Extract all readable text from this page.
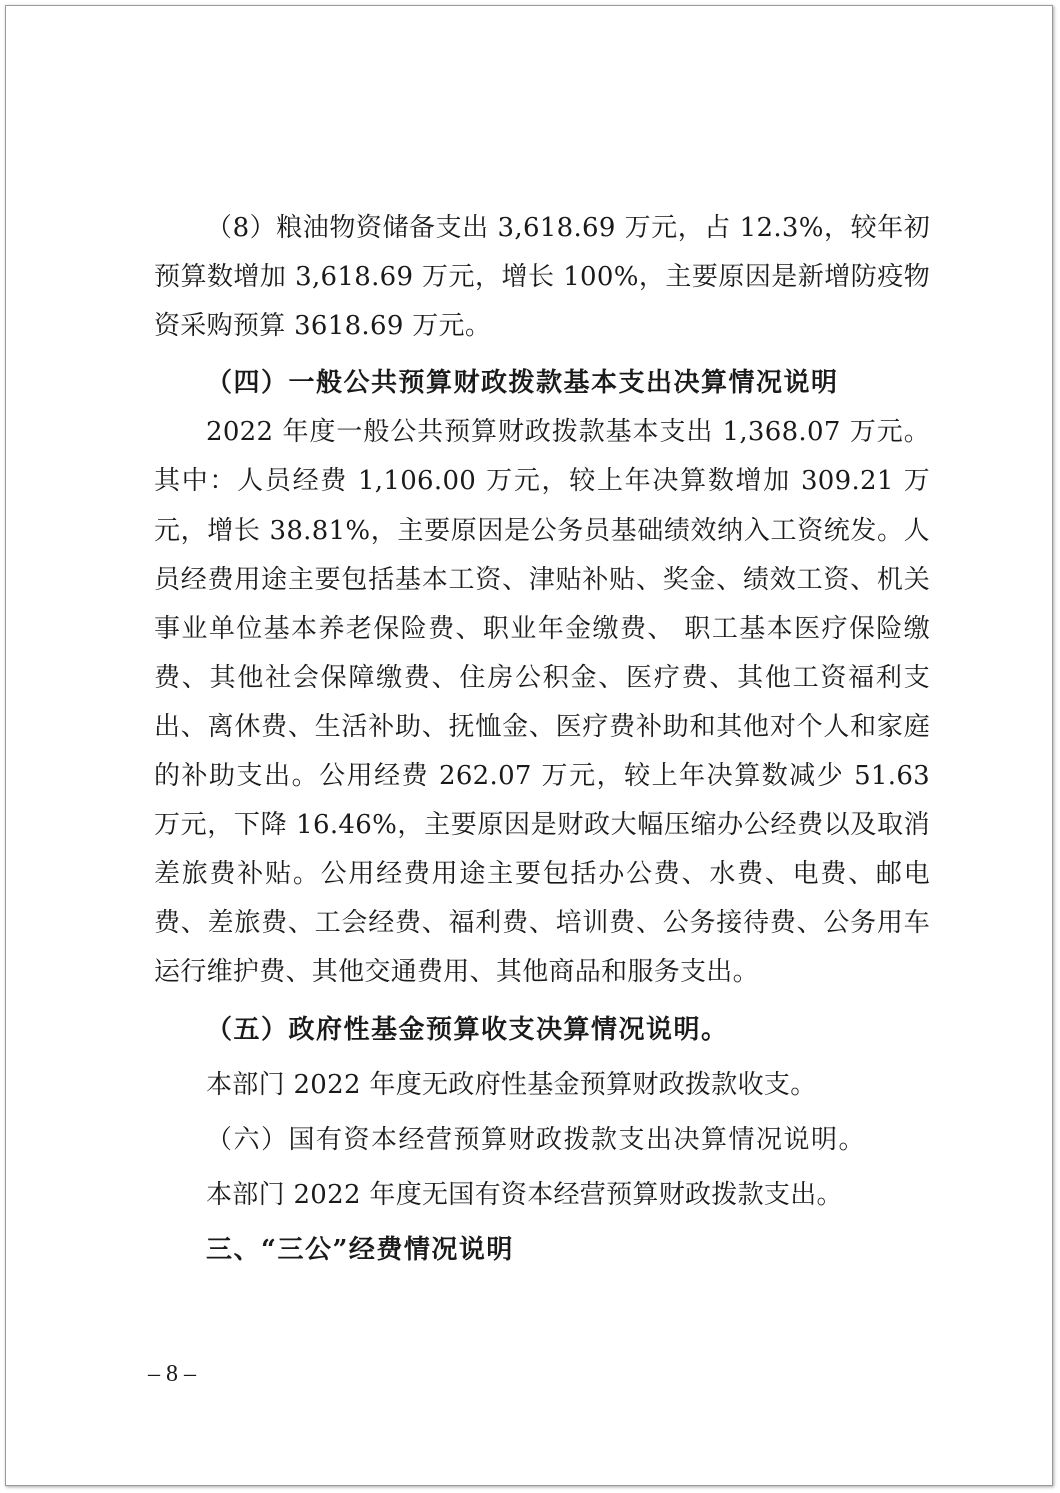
（8）粮油物资储备支出 3,618.69 万元，占 12.3%，较年初预算数增加 3,618.69 万元，增长 100%，主要原因是新增防疫物资采购预算 3618.69 万元。

（四）一般公共预算财政拨款基本支出决算情况说明

2022 年度一般公共预算财政拨款基本支出 1,368.07 万元。其中：人员经费 1,106.00 万元，较上年决算数增加 309.21 万元，增长 38.81%，主要原因是公务员基础绩效纳入工资统发。人员经费用途主要包括基本工资、津贴补贴、奖金、绩效工资、机关事业单位基本养老保险费、职业年金缴费、 职工基本医疗保险缴费、其他社会保障缴费、住房公积金、医疗费、其他工资福利支出、离休费、生活补助、抚恤金、医疗费补助和其他对个人和家庭的补助支出。公用经费 262.07 万元，较上年决算数减少 51.63 万元，下降 16.46%，主要原因是财政大幅压缩办公经费以及取消差旅费补贴。公用经费用途主要包括办公费、水费、电费、邮电费、差旅费、工会经费、福利费、培训费、公务接待费、公务用车运行维护费、其他交通费用、其他商品和服务支出。

（五）政府性基金预算收支决算情况说明。

本部门 2022 年度无政府性基金预算财政拨款收支。

（六）国有资本经营预算财政拨款支出决算情况说明。

本部门 2022 年度无国有资本经营预算财政拨款支出。

三、“三公”经费情况说明

– 8 –
